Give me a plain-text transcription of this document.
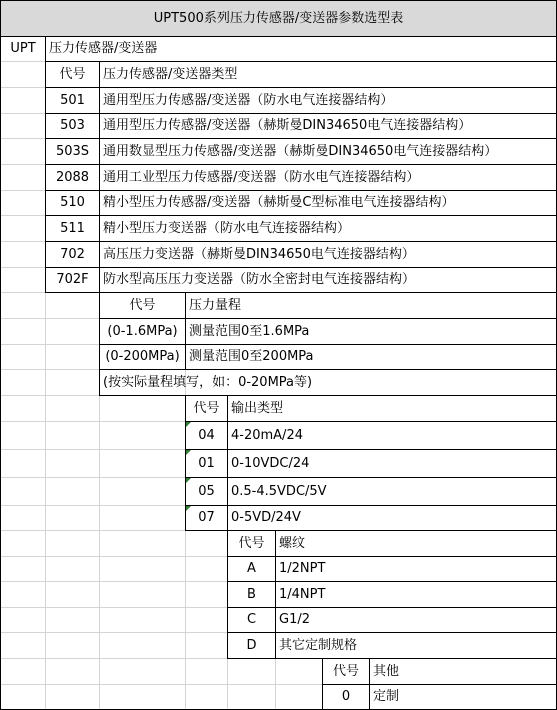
UPT500系列压力传感器/变送器参数选型表
UPT	压力传感器/变送器
代号	压力传感器/变送器类型
501	通用型压力传感器/变送器（防水电气连接器结构）
503	通用型压力传感器/变送器（赫斯曼DIN34650电气连接器结构）
503S	通用数显型压力传感器/变送器（赫斯曼DIN34650电气连接器结构）
2088	通用工业型压力传感器/变送器（防水电气连接器结构）
510	精小型压力传感器/变送器（赫斯曼C型标准电气连接器结构）
511	精小型压力变送器（防水电气连接器结构）
702	高压压力变送器（赫斯曼DIN34650电气连接器结构）
702F	防水型高压压力变送器（防水全密封电气连接器结构）
代号	压力量程
(0-1.6MPa) 测量范围0至1.6MPa
(0-200MPa) 测量范围0至200MPa
(按实际量程填写，如：0-20MPa等)
代号 输出类型
04	4-20mA/24
01	0-10VDC/24
05	0.5-4.5VDC/5V
07	0-5VD/24V
代号	螺纹
A	1/2NPT
B	1/4NPT
C	G1/2
D	其它定制规格
代号	其他
0	定制
